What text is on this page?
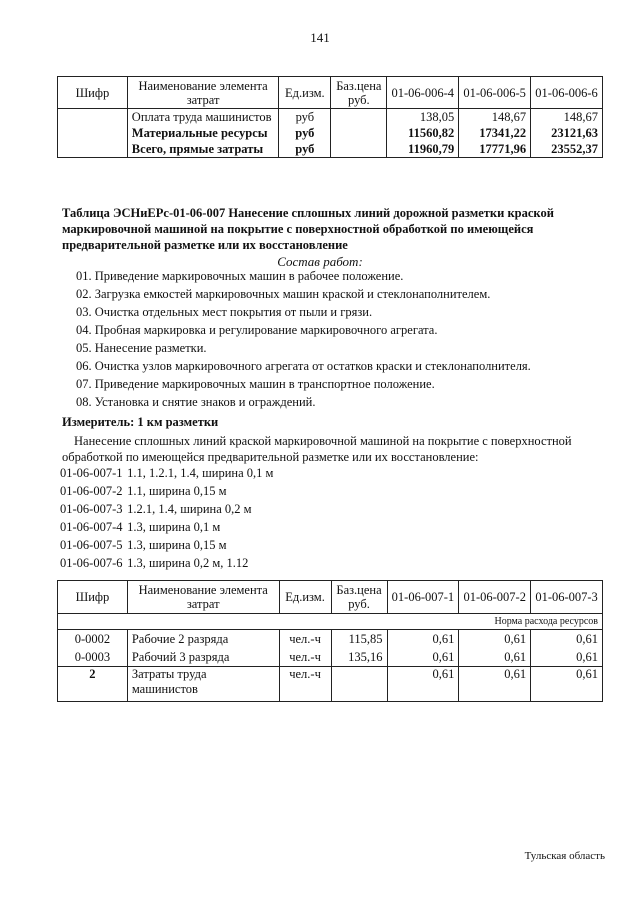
141
Шифр	Наименование элемента затрат	Ед.изм.	Баз.цена руб.	01-06-006-4	01-06-006-5	01-06-006-6
	Оплата труда машинистов	руб		138,05	148,67	148,67
	Материальные ресурсы	руб		11560,82	17341,22	23121,63
	Всего, прямые затраты	руб		11960,79	17771,96	23552,37
Таблица ЭСНиЕРс-01-06-007 Нанесение сплошных линий дорожной разметки краской маркировочной машиной на покрытие с поверхностной обработкой по имеющейся предварительной разметке или их восстановление
Состав работ:
01. Приведение маркировочных машин в рабочее положение.
02. Загрузка емкостей маркировочных машин краской и стеклонаполнителем.
03. Очистка отдельных мест покрытия от пыли и грязи.
04. Пробная маркировка и регулирование маркировочного агрегата.
05. Нанесение разметки.
06. Очистка узлов маркировочного агрегата от остатков краски и стеклонаполнителя.
07. Приведение маркировочных машин в транспортное положение.
08. Установка и снятие знаков и ограждений.
Измеритель: 1 км разметки
Нанесение сплошных линий краской маркировочной машиной на покрытие с поверхностной обработкой по имеющейся предварительной разметке или их восстановление:
01-06-007-1 1.1, 1.2.1, 1.4, ширина 0,1 м
01-06-007-2 1.1, ширина 0,15 м
01-06-007-3 1.2.1, 1.4, ширина 0,2 м
01-06-007-4 1.3, ширина 0,1 м
01-06-007-5 1.3, ширина 0,15 м
01-06-007-6 1.3, ширина 0,2 м, 1.12
Шифр	Наименование элемента затрат	Ед.изм.	Баз.цена руб.	01-06-007-1	01-06-007-2	01-06-007-3
Норма расхода ресурсов						
0-0002	Рабочие 2 разряда	чел.-ч	115,85	0,61	0,61	0,61
0-0003	Рабочий 3 разряда	чел.-ч	135,16	0,61	0,61	0,61
2	Затраты труда машинистов	чел.-ч		0,61	0,61	0,61
Тульская область
